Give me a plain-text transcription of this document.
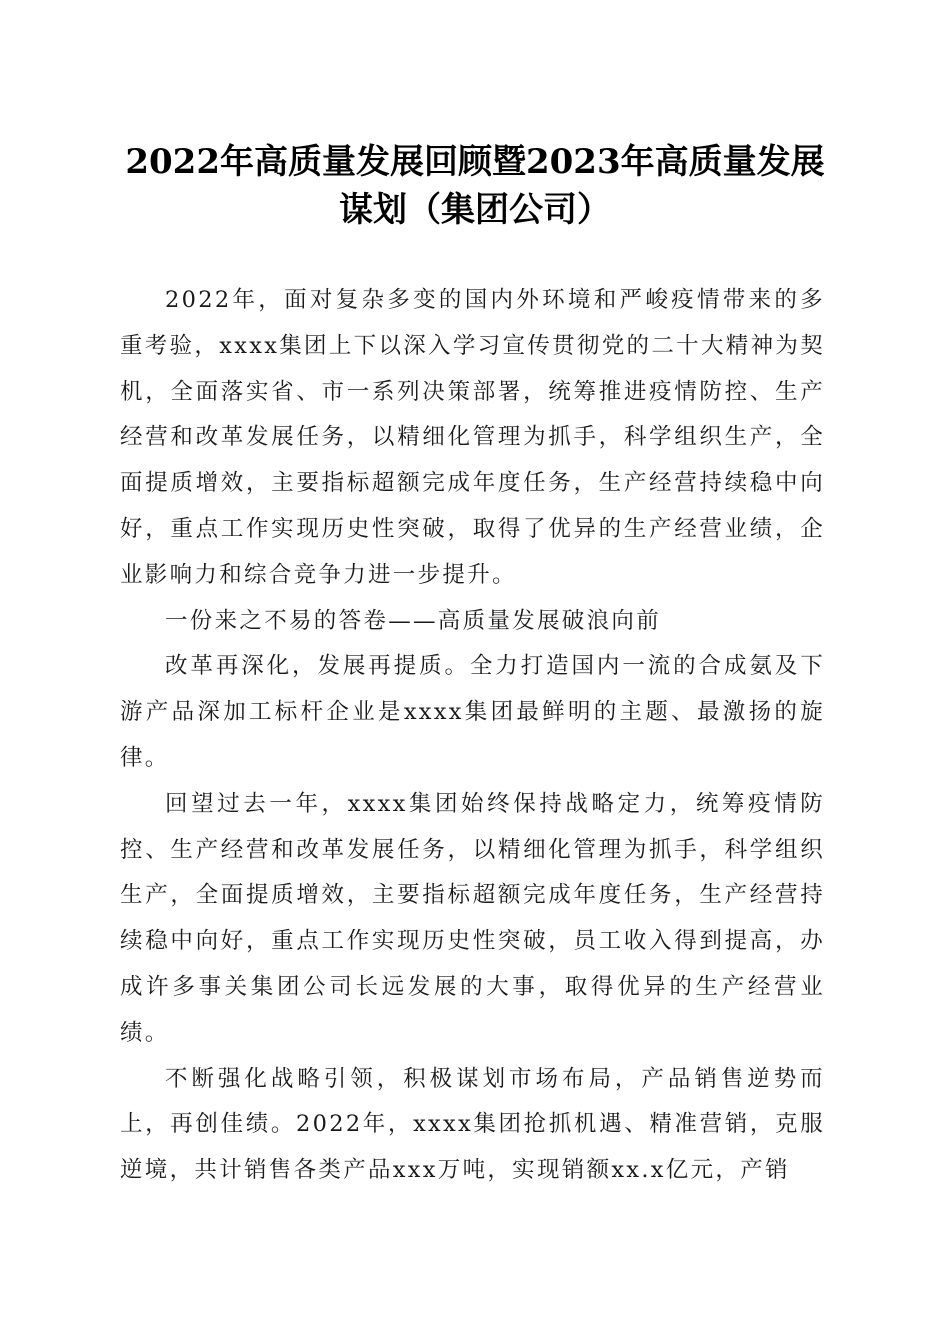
2022年高质量发展回顾暨2023年高质量发展
谋划（集团公司）

2022年，面对复杂多变的国内外环境和严峻疫情带来的多重考验，xxxx集团上下以深入学习宣传贯彻党的二十大精神为契机，全面落实省、市一系列决策部署，统筹推进疫情防控、生产经营和改革发展任务，以精细化管理为抓手，科学组织生产，全面提质增效，主要指标超额完成年度任务，生产经营持续稳中向好，重点工作实现历史性突破，取得了优异的生产经营业绩，企业影响力和综合竞争力进一步提升。

一份来之不易的答卷——高质量发展破浪向前

改革再深化，发展再提质。全力打造国内一流的合成氨及下游产品深加工标杆企业是xxxx集团最鲜明的主题、最激扬的旋律。

回望过去一年，xxxx集团始终保持战略定力，统筹疫情防控、生产经营和改革发展任务，以精细化管理为抓手，科学组织生产，全面提质增效，主要指标超额完成年度任务，生产经营持续稳中向好，重点工作实现历史性突破，员工收入得到提高，办成许多事关集团公司长远发展的大事，取得优异的生产经营业绩。

不断强化战略引领，积极谋划市场布局，产品销售逆势而上，再创佳绩。2022年，xxxx集团抢抓机遇、精准营销，克服逆境，共计销售各类产品xxx万吨，实现销额xx.x亿元，产销
